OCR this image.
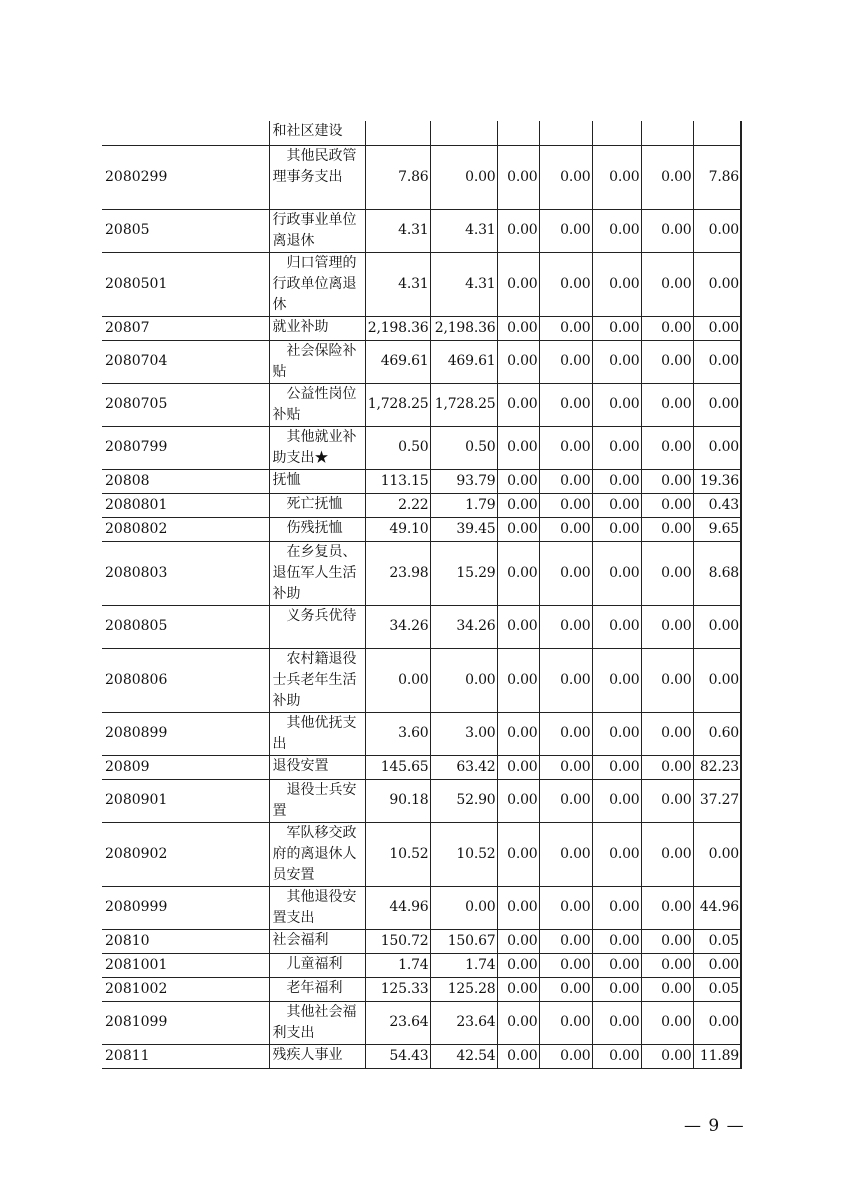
	和社区建设							
2080299	其他民政管理事务支出	7.86	0.00	0.00	0.00	0.00	0.00	7.86
20805	行政事业单位离退休	4.31	4.31	0.00	0.00	0.00	0.00	0.00
2080501	归口管理的行政单位离退休	4.31	4.31	0.00	0.00	0.00	0.00	0.00
20807	就业补助	2,198.36	2,198.36	0.00	0.00	0.00	0.00	0.00
2080704	社会保险补贴	469.61	469.61	0.00	0.00	0.00	0.00	0.00
2080705	公益性岗位补贴	1,728.25	1,728.25	0.00	0.00	0.00	0.00	0.00
2080799	其他就业补助支出★	0.50	0.50	0.00	0.00	0.00	0.00	0.00
20808	抚恤	113.15	93.79	0.00	0.00	0.00	0.00	19.36
2080801	死亡抚恤	2.22	1.79	0.00	0.00	0.00	0.00	0.43
2080802	伤残抚恤	49.10	39.45	0.00	0.00	0.00	0.00	9.65
2080803	在乡复员、退伍军人生活补助	23.98	15.29	0.00	0.00	0.00	0.00	8.68
2080805	义务兵优待	34.26	34.26	0.00	0.00	0.00	0.00	0.00
2080806	农村籍退役士兵老年生活补助	0.00	0.00	0.00	0.00	0.00	0.00	0.00
2080899	其他优抚支出	3.60	3.00	0.00	0.00	0.00	0.00	0.60
20809	退役安置	145.65	63.42	0.00	0.00	0.00	0.00	82.23
2080901	退役士兵安置	90.18	52.90	0.00	0.00	0.00	0.00	37.27
2080902	军队移交政府的离退休人员安置	10.52	10.52	0.00	0.00	0.00	0.00	0.00
2080999	其他退役安置支出	44.96	0.00	0.00	0.00	0.00	0.00	44.96
20810	社会福利	150.72	150.67	0.00	0.00	0.00	0.00	0.05
2081001	儿童福利	1.74	1.74	0.00	0.00	0.00	0.00	0.00
2081002	老年福利	125.33	125.28	0.00	0.00	0.00	0.00	0.05
2081099	其他社会福利支出	23.64	23.64	0.00	0.00	0.00	0.00	0.00
20811	残疾人事业	54.43	42.54	0.00	0.00	0.00	0.00	11.89
— 9 —
